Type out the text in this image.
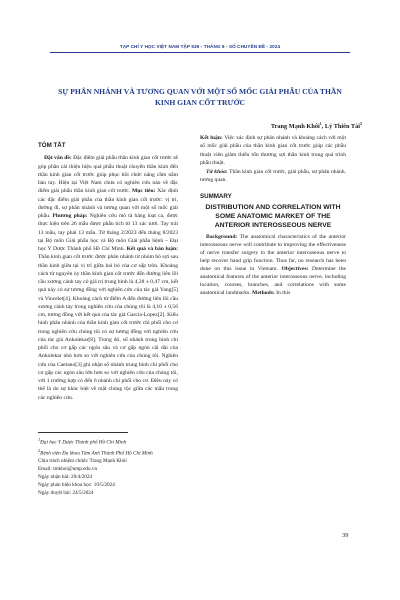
TẠP CHÍ Y HỌC VIỆT NAM TẬP 539 - THÁNG 6 - SỐ CHUYÊN ĐỀ - 2024
SỰ PHÂN NHÁNH VÀ TƯƠNG QUAN VỚI MỘT SỐ MỐC GIẢI PHẪU CỦA THẦN KINH GIAN CỐT TRƯỚC
Trang Mạnh Khôi$^1$, Lý Thiên Tài$^2$
TÓM TẮT

Đặt vấn đề: Đặc điểm giải phẫu thần kinh gian cốt trước sẽ góp phần cải thiện hiệu quả phẫu thuật chuyển thần kinh đến thần kinh gian cốt trước giúp phục hồi chức năng cầm nắm bàn tay. Hiện tại Việt Nam chưa có nghiên cứu nào về đặc điểm giải phẫu thần kinh gian cốt trước. Mục tiêu: Xác định các đặc điểm giải phẫu của thần kinh gian cốt trước: vị trí, đường đi, sự phân nhánh và tương quan với một số mốc giải phẫu. Phương pháp: Nghiên cứu mô tả hàng loạt ca, được thực hiện trên 26 mẫu được phẫu tích từ 13 xác tươi. Tay trái 13 mẫu, tay phải 13 mẫu. Từ tháng 2/2023 đến tháng 8/2023 tại Bộ môn Giải phẫu học và Bộ môn Giải phẫu bệnh – Đại học Y Dược Thành phố Hồ Chí Minh. Kết quả và bàn luận: Thần kinh gian cốt trước được phân nhánh từ nhóm bó sợi sau thần kinh giữa tại vị trí giữa hai bó của cơ sấp tròn. Khoảng cách từ nguyên ủy thần kinh gian cốt trước đến đường liên lồi cầu xương cánh tay có giá trị trung bình là 4,38 ± 0,47 cm, kết quả này có sự tương đồng với nghiên cứu của tác giả Yang[5] và Vincelet[4]. Khoảng cách từ điểm A đến đường liên lồi cầu xương cánh tay trong nghiên cứu của chúng tôi là 4,10 ± 0,56 cm, tương đồng với kết quả của tác giả Garcia-Lopez[2]. Kiểu hình phân nhánh của thần kinh gian cốt trước chi phối cho cơ trong nghiên cứu chúng tôi có sự tương đồng với nghiên cứu của tác giả Ankolekar[8]. Trong đó, số nhánh trung bình chi phối cho cơ gấp các ngón sâu và cơ gấp ngón cái dài của Ankolekar nhỏ hơn so với nghiên cứu của chúng tôi. Nghiên cứu của Caetano[3] ghi nhận số nhánh trung bình chi phối cho cơ gấp các ngón sâu lớn hơn so với nghiên cứu của chúng tôi, với 1 trường hợp có đến 6 nhánh chi phối cho cơ. Điều này có thể là do sự khác biệt về mặt chủng tộc giữa các mẫu trong các nghiên cứu.

$^1$Đại học Y Dược Thành phố Hồ Chí Minh
$^2$Bệnh viện Đa khoa Tâm Anh Thành Phố Hồ Chí Minh
Chịu trách nhiệm chính: Trang Mạnh Khôi
Email: tmkhoi@ump.edu.vn
Ngày nhận bài: 20/4/2024
Ngày phản biện khoa học: 10/5/2024
Ngày duyệt bài: 24/5/2024

Kết luận: Việc xác định sự phân nhánh và khoảng cách với một số mốc giải phẫu của thần kinh gian cốt trước giúp các phẫu thuật viên giảm thiểu tổn thương sợi thần kinh trong quá trình phẫu thuật.

Từ khóa: Thần kinh gian cốt trước, giải phẫu, sự phân nhánh, tương quan.

SUMMARY
DISTRIBUTION AND CORRELATION WITH SOME ANATOMIC MARKET OF THE ANTERIOR INTEROSSEOUS NERVE

Background: The anatomical characteristics of the anterior interosseous nerve will contribute to improving the effectiveness of nerve transfer surgery to the anterior interosseous nerve to help recover hand grip function. Thus far, no research has been done on this issue in Vietnam. Objectives: Determine the anatomical features of the anterior interosseous nerve, including location, courses, branches, and correlations with some anatomical landmarks. Methods: In this

39
